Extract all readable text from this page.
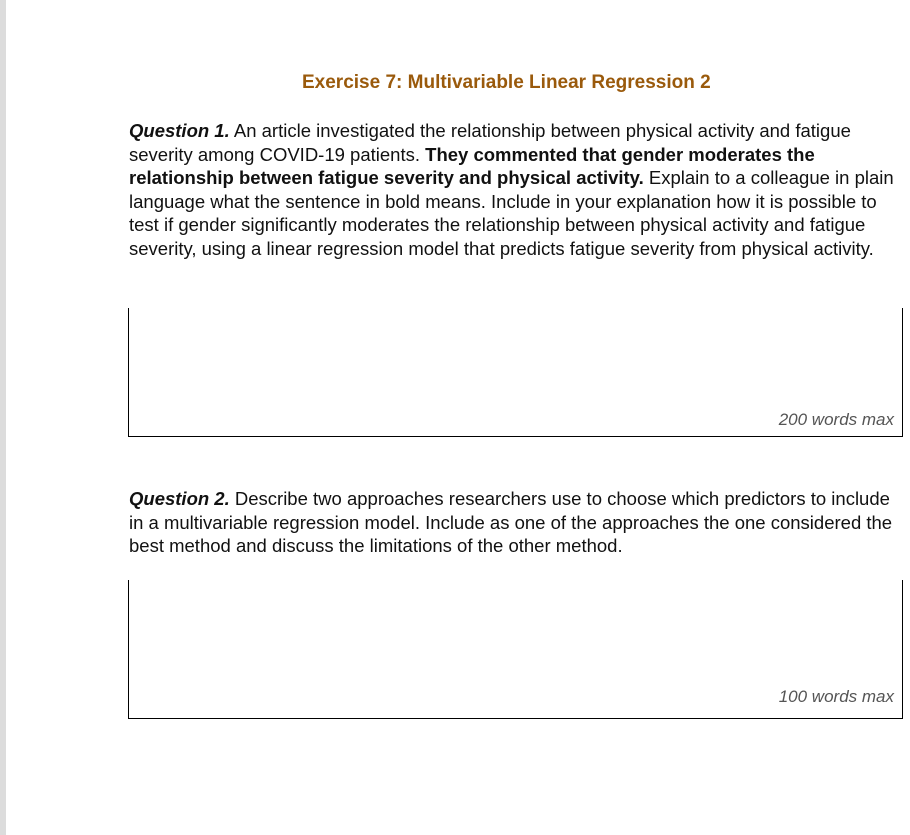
Exercise 7: Multivariable Linear Regression 2
Question 1. An article investigated the relationship between physical activity and fatigue severity among COVID-19 patients. They commented that gender moderates the relationship between fatigue severity and physical activity. Explain to a colleague in plain language what the sentence in bold means. Include in your explanation how it is possible to test if gender significantly moderates the relationship between physical activity and fatigue severity, using a linear regression model that predicts fatigue severity from physical activity.
200 words max
Question 2. Describe two approaches researchers use to choose which predictors to include in a multivariable regression model. Include as one of the approaches the one considered the best method and discuss the limitations of the other method.
100 words max
